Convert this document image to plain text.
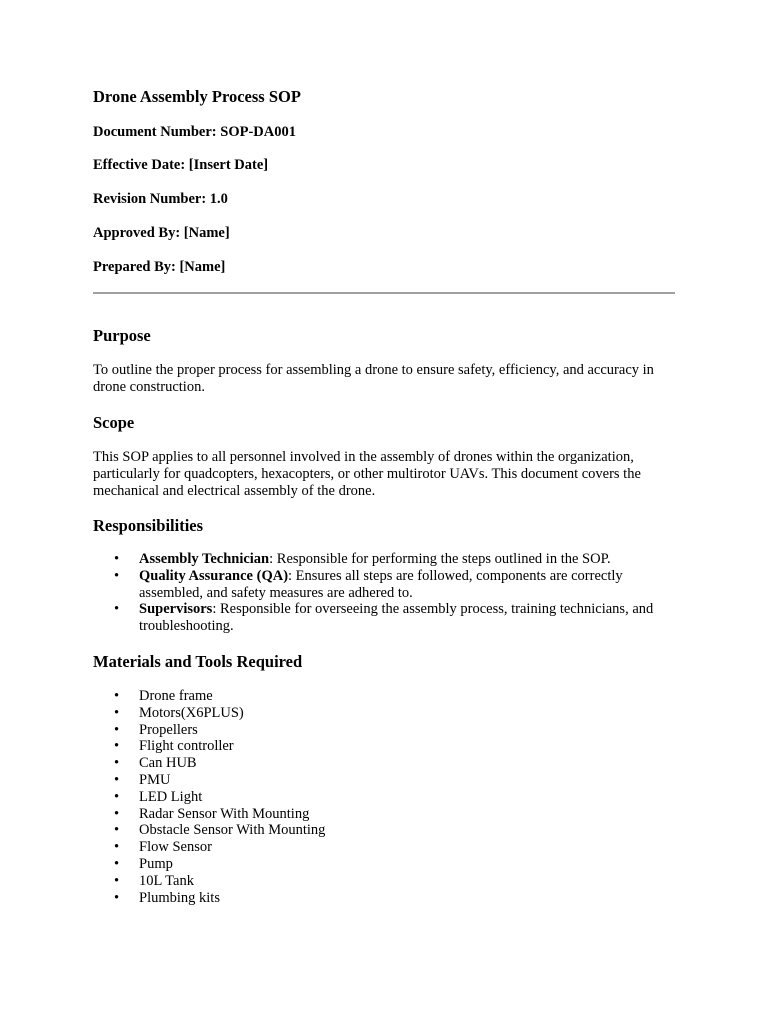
Drone Assembly Process SOP

Document Number: SOP-DA001

Effective Date: [Insert Date]

Revision Number: 1.0

Approved By: [Name]

Prepared By: [Name]

Purpose

To outline the proper process for assembling a drone to ensure safety, efficiency, and accuracy in drone construction.

Scope

This SOP applies to all personnel involved in the assembly of drones within the organization, particularly for quadcopters, hexacopters, or other multirotor UAVs. This document covers the mechanical and electrical assembly of the drone.

Responsibilities
• Assembly Technician: Responsible for performing the steps outlined in the SOP.
• Quality Assurance (QA): Ensures all steps are followed, components are correctly assembled, and safety measures are adhered to.
• Supervisors: Responsible for overseeing the assembly process, training technicians, and troubleshooting.
Materials and Tools Required
• Drone frame
• Motors(X6PLUS)
• Propellers
• Flight controller
• Can HUB
• PMU
• LED Light
• Radar Sensor With Mounting
• Obstacle Sensor With Mounting
• Flow Sensor
• Pump
• 10L Tank
• Plumbing kits
